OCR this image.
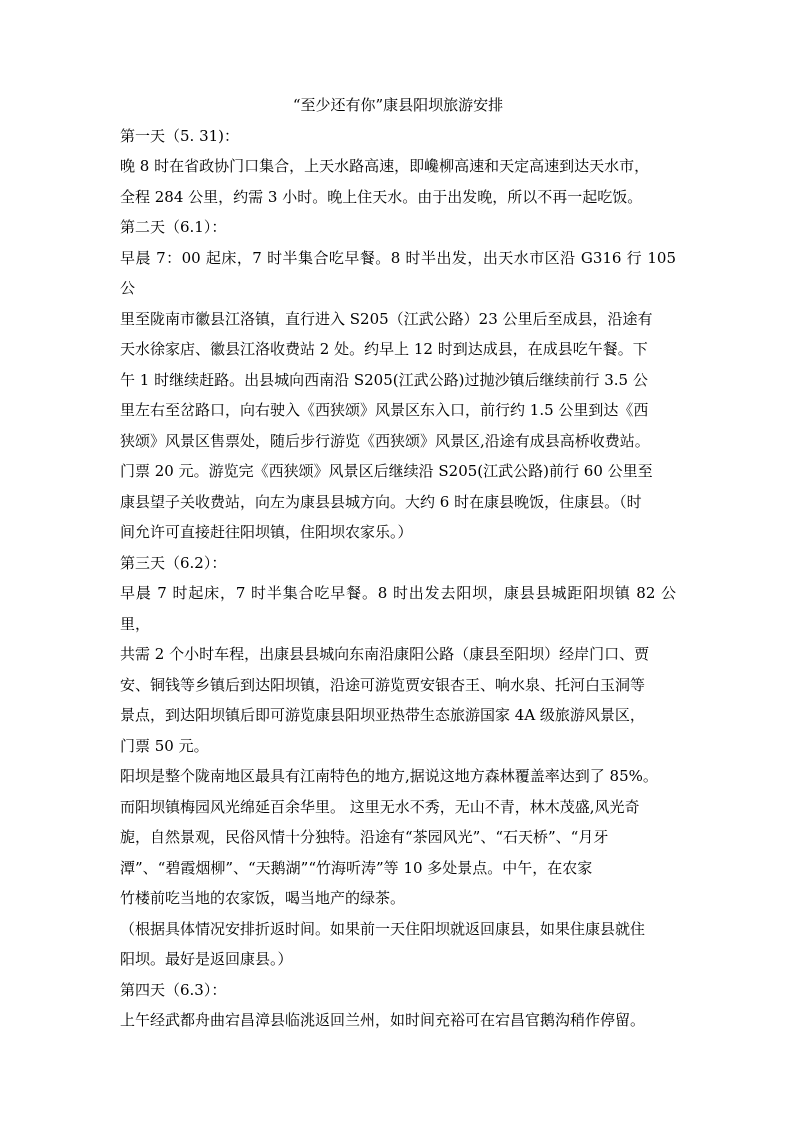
“至少还有你”康县阳坝旅游安排

第一天（5. 31)：

晚 8 时在省政协门口集合，上天水路高速，即巉柳高速和天定高速到达天水市，
全程 284 公里，约需 3 小时。晚上住天水。由于出发晚，所以不再一起吃饭。

第二天（6.1）：

早晨 7：00 起床，7 时半集合吃早餐。8 时半出发，出天水市区沿 G316 行 105 公
里至陇南市徽县江洛镇，直行进入 S205（江武公路）23 公里后至成县，沿途有
天水徐家店、徽县江洛收费站 2 处。约早上 12 时到达成县，在成县吃午餐。下
午 1 时继续赶路。出县城向西南沿 S205(江武公路)过抛沙镇后继续前行 3.5 公
里左右至岔路口，向右驶入《西狭颂》风景区东入口，前行约 1.5 公里到达《西
狭颂》风景区售票处，随后步行游览《西狭颂》风景区,沿途有成县高桥收费站。
门票 20 元。游览完《西狭颂》风景区后继续沿 S205(江武公路)前行 60 公里至
康县望子关收费站，向左为康县县城方向。大约 6 时在康县晚饭，住康县。（时
间允许可直接赶往阳坝镇，住阳坝农家乐。）

第三天（6.2）：

早晨 7 时起床，7 时半集合吃早餐。8 时出发去阳坝，康县县城距阳坝镇 82 公里，
共需 2 个小时车程，出康县县城向东南沿康阳公路（康县至阳坝）经岸门口、贾
安、铜钱等乡镇后到达阳坝镇，沿途可游览贾安银杏王、响水泉、托河白玉洞等
景点，到达阳坝镇后即可游览康县阳坝亚热带生态旅游国家 4A 级旅游风景区，
门票 50 元。
阳坝是整个陇南地区最具有江南特色的地方,据说这地方森林覆盖率达到了 85%。
而阳坝镇梅园风光绵延百余华里。 这里无水不秀，无山不青，林木茂盛,风光奇
旎，自然景观，民俗风情十分独特。沿途有“茶园风光”、“石天桥”、“月牙
潭”、“碧霞烟柳”、“天鹅湖”“竹海听涛”等 10 多处景点。中午，在农家
竹楼前吃当地的农家饭，喝当地产的绿茶。
（根据具体情况安排折返时间。如果前一天住阳坝就返回康县，如果住康县就住
阳坝。最好是返回康县。）

第四天（6.3）：

上午经武都舟曲宕昌漳县临洮返回兰州，如时间充裕可在宕昌官鹅沟稍作停留。
